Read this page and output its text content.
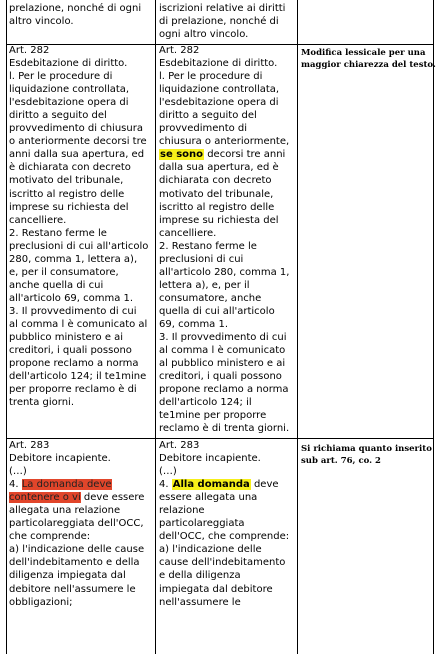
prelazione, nonché di ogni
altro vincolo.
iscrizioni relative ai diritti
di prelazione, nonché di
ogni altro vincolo.
Art. 282
Esdebitazione di diritto.
l. Per le procedure di
liquidazione controllata,
l'esdebitazione opera di
diritto a seguito del
provvedimento di chiusura
o anteriormente decorsi tre
anni dalla sua apertura, ed
è dichiarata con decreto
motivato del tribunale,
iscritto al registro delle
imprese su richiesta del
cancelliere.
2. Restano ferme le
preclusioni di cui all'articolo
280, comma 1, lettera a),
e, per il consumatore,
anche quella di cui
all'articolo 69, comma 1.
3. Il provvedimento di cui
al comma l è comunicato al
pubblico ministero e ai
creditori, i quali possono
propone reclamo a norma
dell'articolo 124; il te1mine
per proporre reclamo è di
trenta giorni.
Art. 282
Esdebitazione di diritto.
l. Per le procedure di
liquidazione controllata,
l'esdebitazione opera di
diritto a seguito del
provvedimento di
chiusura o anteriormente,
se sono decorsi tre anni
dalla sua apertura, ed è
dichiarata con decreto
motivato del tribunale,
iscritto al registro delle
imprese su richiesta del
cancelliere.
2. Restano ferme le
preclusioni di cui
all'articolo 280, comma 1,
lettera a), e, per il
consumatore, anche
quella di cui all'articolo
69, comma 1.
3. Il provvedimento di cui
al comma l è comunicato
al pubblico ministero e ai
creditori, i quali possono
propone reclamo a norma
dell'articolo 124; il
te1mine per proporre
reclamo è di trenta giorni.
Modifica lessicale per una
maggior chiarezza del testo.
Art. 283
Debitore incapiente.
(…)
4. La domanda deve
contenere o vi deve essere
allegata una relazione
particolareggiata dell'OCC,
che comprende:
a) l'indicazione delle cause
dell'indebitamento e della
diligenza impiegata dal
debitore nell'assumere le
obbligazioni;
Art. 283
Debitore incapiente.
(…)
4. Alla domanda deve
essere allegata una
relazione
particolareggiata
dell'OCC, che comprende:
a) l'indicazione delle
cause dell'indebitamento
e della diligenza
impiegata dal debitore
nell'assumere le
Si richiama quanto inserito
sub art. 76, co. 2
